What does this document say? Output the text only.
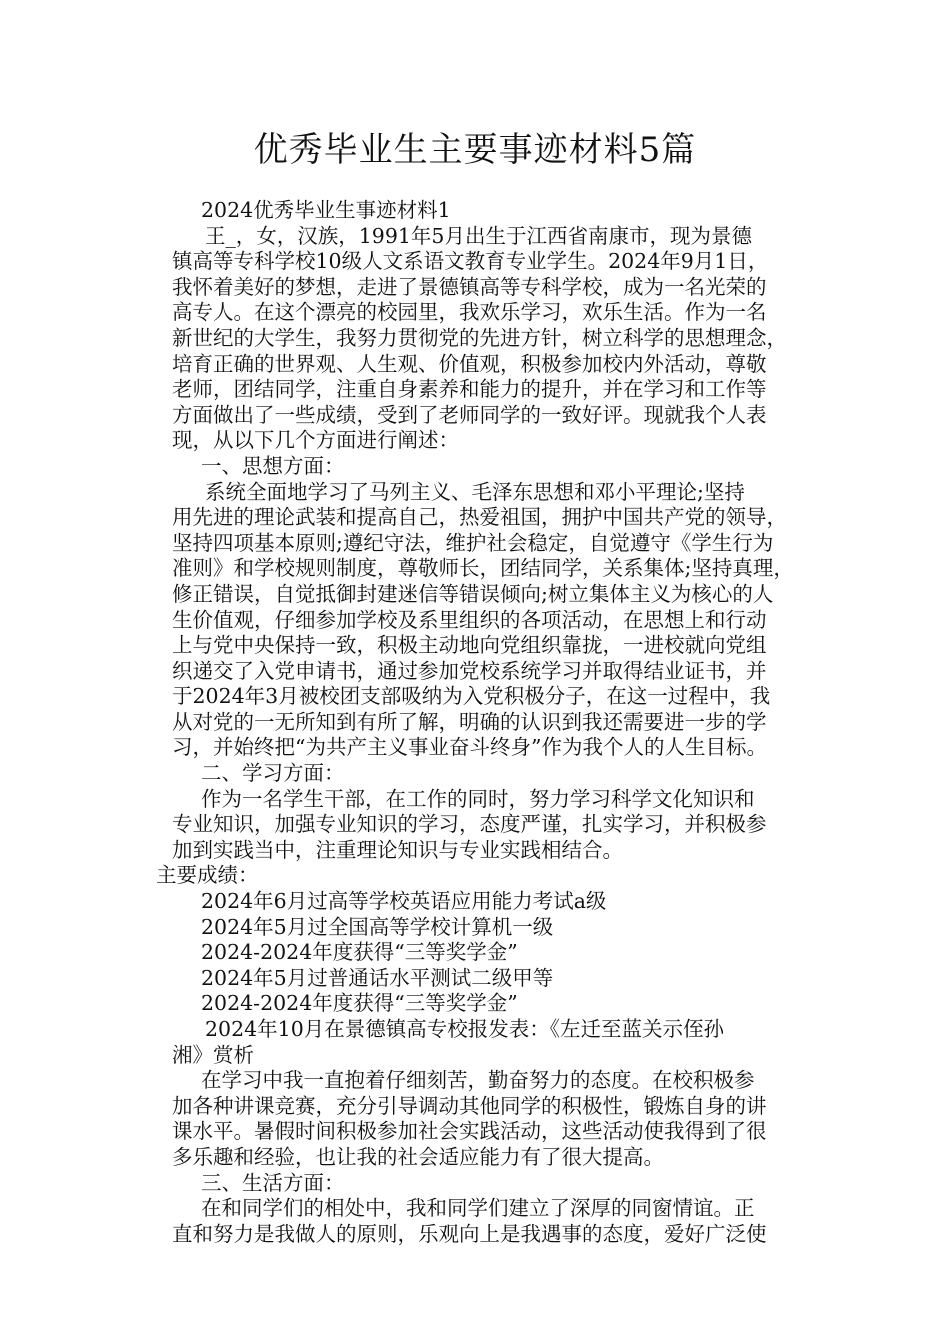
优秀毕业生主要事迹材料5篇
2024优秀毕业生事迹材料1
王_，女，汉族，1991年5月出生于江西省南康市，现为景德
镇高等专科学校10级人文系语文教育专业学生。2024年9月1日，
我怀着美好的梦想，走进了景德镇高等专科学校，成为一名光荣的
高专人。在这个漂亮的校园里，我欢乐学习，欢乐生活。作为一名
新世纪的大学生，我努力贯彻党的先进方针，树立科学的思想理念，
培育正确的世界观、人生观、价值观，积极参加校内外活动，尊敬
老师，团结同学，注重自身素养和能力的提升，并在学习和工作等
方面做出了一些成绩，受到了老师同学的一致好评。现就我个人表
现，从以下几个方面进行阐述：
一、思想方面：
系统全面地学习了马列主义、毛泽东思想和邓小平理论;坚持
用先进的理论武装和提高自己，热爱祖国，拥护中国共产党的领导，
坚持四项基本原则;遵纪守法，维护社会稳定，自觉遵守《学生行为
准则》和学校规则制度，尊敬师长，团结同学，关系集体;坚持真理，
修正错误，自觉抵御封建迷信等错误倾向;树立集体主义为核心的人
生价值观，仔细参加学校及系里组织的各项活动，在思想上和行动
上与党中央保持一致，积极主动地向党组织靠拢，一进校就向党组
织递交了入党申请书，通过参加党校系统学习并取得结业证书，并
于2024年3月被校团支部吸纳为入党积极分子，在这一过程中，我
从对党的一无所知到有所了解，明确的认识到我还需要进一步的学
习，并始终把“为共产主义事业奋斗终身”作为我个人的人生目标。
二、学习方面：
作为一名学生干部，在工作的同时，努力学习科学文化知识和
专业知识，加强专业知识的学习，态度严谨，扎实学习，并积极参
加到实践当中，注重理论知识与专业实践相结合。
主要成绩：
2024年6月过高等学校英语应用能力考试a级
2024年5月过全国高等学校计算机一级
2024-2024年度获得“三等奖学金”
2024年5月过普通话水平测试二级甲等
2024-2024年度获得“三等奖学金”
2024年10月在景德镇高专校报发表：《左迁至蓝关示侄孙
湘》赏析
在学习中我一直抱着仔细刻苦，勤奋努力的态度。在校积极参
加各种讲课竞赛，充分引导调动其他同学的积极性，锻炼自身的讲
课水平。暑假时间积极参加社会实践活动，这些活动使我得到了很
多乐趣和经验，也让我的社会适应能力有了很大提高。
三、生活方面：
在和同学们的相处中，我和同学们建立了深厚的同窗情谊。正
直和努力是我做人的原则，乐观向上是我遇事的态度，爱好广泛使
